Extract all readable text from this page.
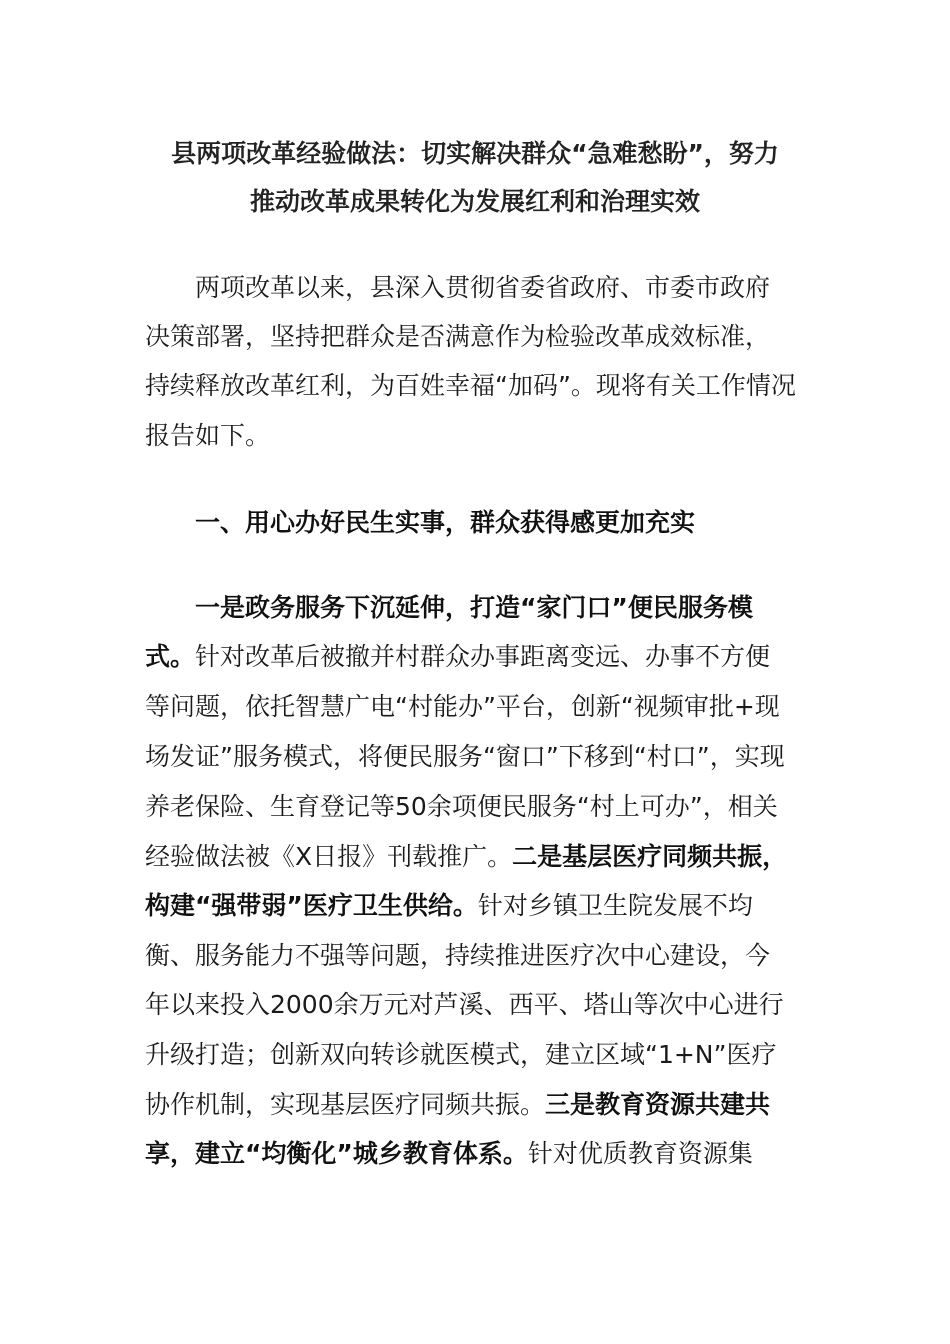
县两项改革经验做法：切实解决群众“急难愁盼”，努力
推动改革成果转化为发展红利和治理实效
两项改革以来，县深入贯彻省委省政府、市委市政府
决策部署，坚持把群众是否满意作为检验改革成效标准，
持续释放改革红利，为百姓幸福“加码”。现将有关工作情况
报告如下。
一、用心办好民生实事，群众获得感更加充实
一是政务服务下沉延伸，打造“家门口”便民服务模
式。针对改革后被撤并村群众办事距离变远、办事不方便
等问题，依托智慧广电“村能办”平台，创新“视频审批+现
场发证”服务模式，将便民服务“窗口”下移到“村口”，实现
养老保险、生育登记等50余项便民服务“村上可办”，相关
经验做法被《X日报》刊载推广。二是基层医疗同频共振，
构建“强带弱”医疗卫生供给。针对乡镇卫生院发展不均
衡、服务能力不强等问题，持续推进医疗次中心建设，今
年以来投入2000余万元对芦溪、西平、塔山等次中心进行
升级打造；创新双向转诊就医模式，建立区域“1+N”医疗
协作机制，实现基层医疗同频共振。三是教育资源共建共
享，建立“均衡化”城乡教育体系。针对优质教育资源集
